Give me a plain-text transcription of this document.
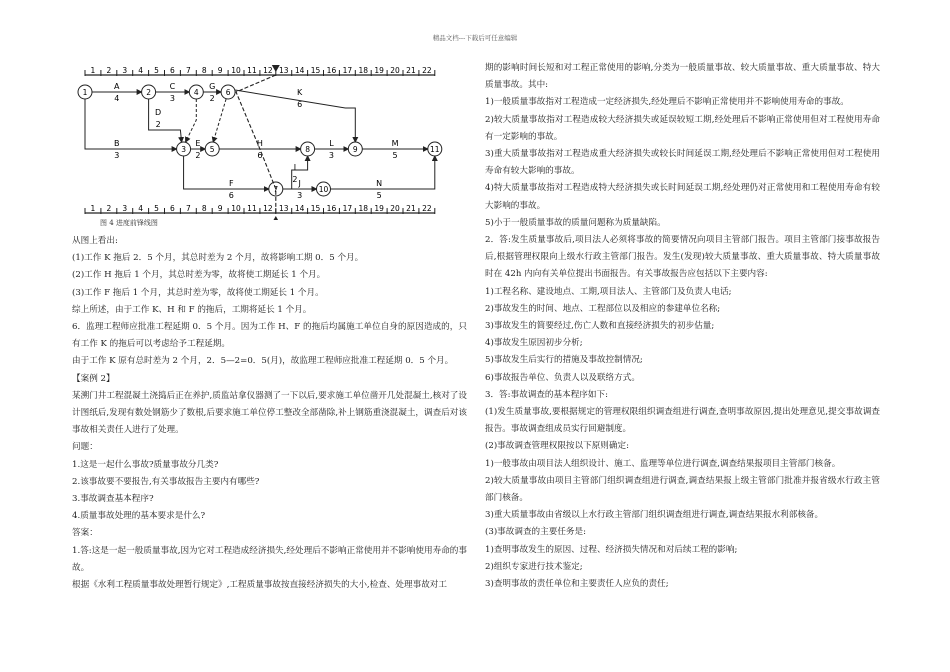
精品文档---下载后可任意编辑
1 2 3 4 5 6 7 8 9 10 11 12 13 14 15 16 17 18 19 20 21 22
1 2 3 4 5 6 7 8 9 10 11 12 13 14 15 16 17 18 19 20 21 22
A
4
C
3
G
2
K
6
D
2
B
3
E
2
H
6
L
3
M
5
I
2
F
6
J
3
N
5
1	2
3
4
5
6
7
8	9
10
11
图 4 进度前锋线图

从图上看出:

(1)工作 K 拖后 2．5 个月，其总时差为 2 个月，故将影响工期 0．5 个月。

(2)工作 H 拖后 1 个月，其总时差为零，故将使工期延长 1 个月。

(3)工作 F 拖后 1 个月，其总时差为零，故将使工期延长 1 个月。

综上所述，由于工作 K、H 和 F 的拖后，工期将延长 1 个月。

6．监理工程师应批准工程延期 0．5 个月。因为工作 H、F 的拖后均属施工单位自身的原因造成的，只有工作 K 的拖后可以考虑给予工程延期。

由于工作 K 原有总时差为 2 个月，2．5—2=0．5(月)，故监理工程师应批准工程延期 0．5 个月。

【案例 2】

某溯门井工程混凝土浇捣后正在养护,质监站拿仪器测了一下以后,要求施工单位凿开几处混凝土,核对了设计图纸后,发现有数处钢筋少了数根,后要求施工单位停工整改全部凿除,补上钢筋重浇混凝土，调查后对该事故相关责任人进行了处理。

问题：

1.这是一起什么事故?质量事故分几类?

2.该事故要不要报告,有关事故报告主要内有哪些?

3.事故调查基本程序?

4.质量事故处理的基本要求是什么?

答案：

1.答:这是一起一般质量事故,因为它对工程造成经济损失,经处理后不影响正常使用并不影响使用寿命的事故。

根据《水利工程质量事故处理暂行规定》,工程质量事故按直接经济损失的大小,检查、处理事故对工

期的影响时间长短和对工程正常使用的影响,分类为一般质量事故、较大质量事故、重大质量事故、特大质量事故。其中:

1)一般质量事故指对工程造成一定经济损失,经处理后不影响正常使用并不影响使用寿命的事故。

2)较大质量事故指对工程造成较大经济损失或延误较短工期,经处理后不影响正常使用但对工程使用寿命有一定影响的事故。

3)重大质量事故指对工程造成重大经济损失或较长时间延误工期,经处理后不影响正常使用但对工程使用寿命有较大影响的事故。

4)特大质量事故指对工程造成特大经济损失或长时间延误工期,经处理仍对正常使用和工程使用寿命有较大影响的事故。

5)小于一般质量事故的质量问题称为质量缺陷。

2．答:发生质量事故后,项目法人必须将事故的简要情况向项目主管部门报告。项目主管部门接事故报告后,根据管理权限向上级水行政主管部门报告。发生(发现)较大质量事故、重大质量事故、特大质量事故时在 42h 内向有关单位提出书面报告。有关事故报告应包括以下主要内容:

1)工程名称、建设地点、工期,项目法人、主管部门及负责人电话;

2)事故发生的时间、地点、工程部位以及相应的参建单位名称;

3)事故发生的简要经过,伤亡人数和直接经济损失的初步估量;

4)事故发生原因初步分析;

5)事故发生后实行的措施及事故控制情况;

6)事故报告单位、负责人以及联络方式。

3．答:事故调查的基本程序如下:

(1)发生质量事故,要根据规定的管理权限组织调查组进行调查,查明事故原因,提出处理意见,提交事故调查报告。事故调查组成员实行回避制度。

(2)事故调查管理权限按以下原则确定:

1)一般事故由项目法人组织设计、施工、监理等单位进行调查,调查结果报项目主管部门核备。

2)较大质量事故由项目主管部门组织调查组进行调查,调查结果报上级主管部门批准并报省级水行政主管部门核备。

3)重大质量事故由省级以上水行政主管部门组织调查组进行调查,调查结果报水利部核备。

(3)事故调查的主要任务是:

1)查明事故发生的原因、过程、经济损失情况和对后续工程的影响;

2)组织专家进行技术鉴定;

3)查明事故的责任单位和主要责任人应负的责任;
